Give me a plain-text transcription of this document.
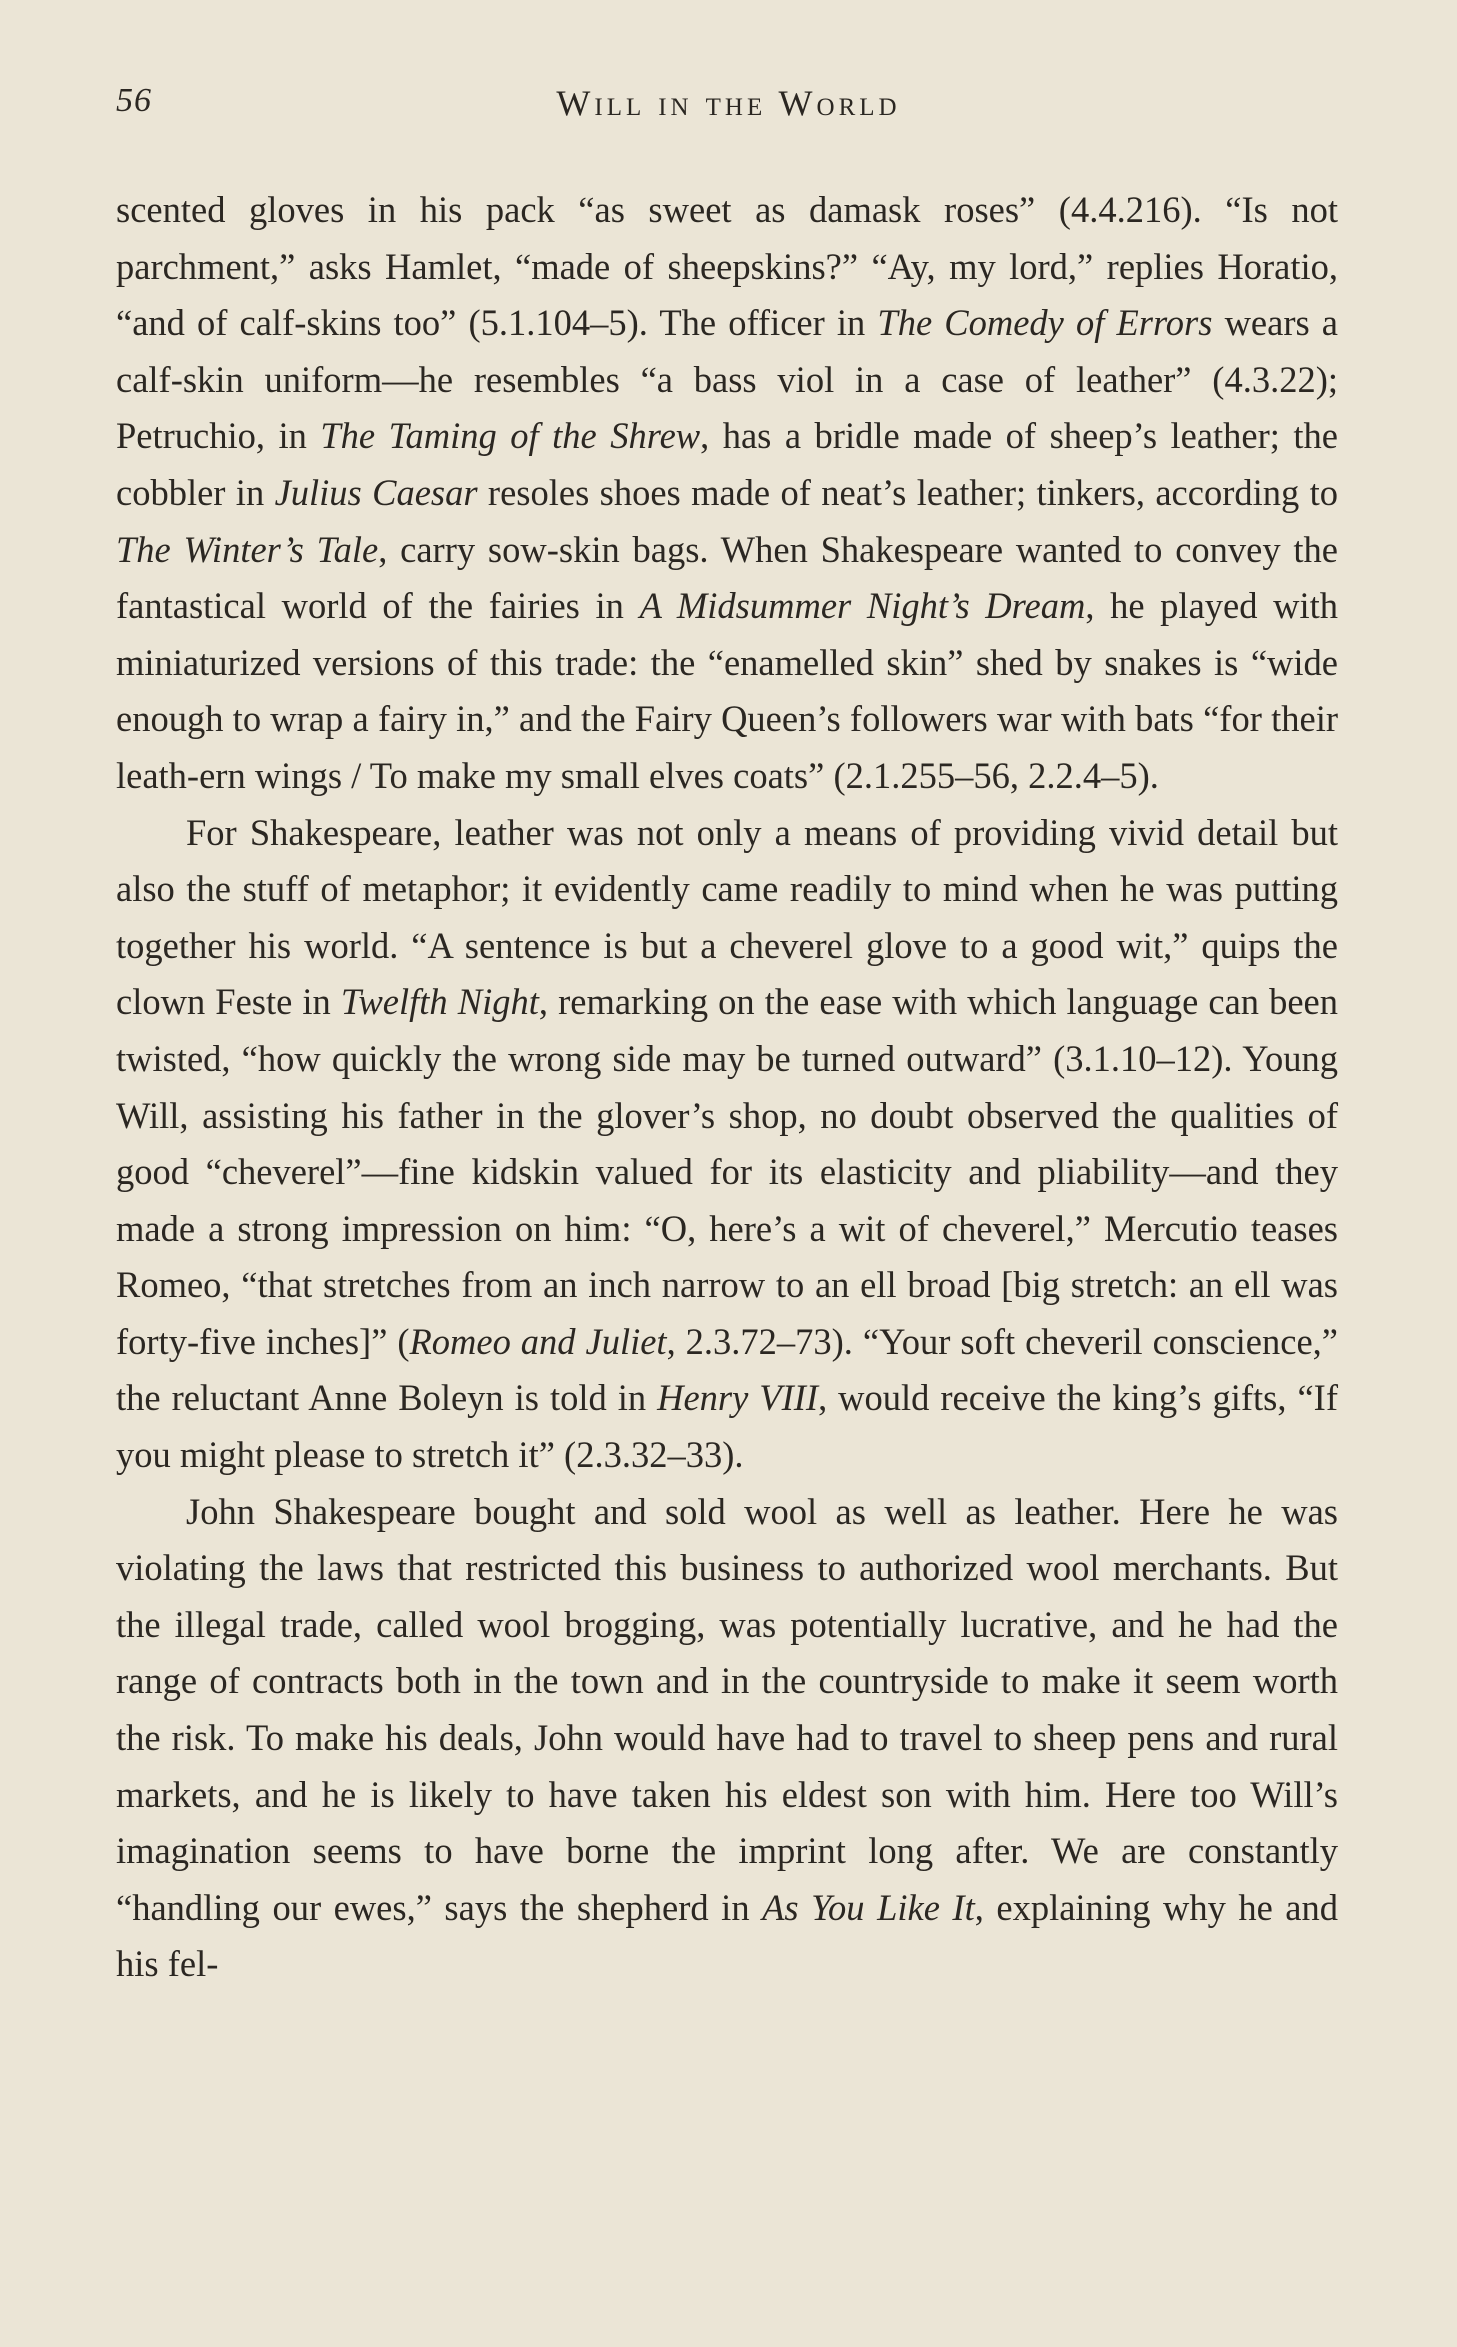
56	Will in the World

scented gloves in his pack “as sweet as damask roses” (4.4.216). “Is not parchment,” asks Hamlet, “made of sheepskins?” “Ay, my lord,” replies Horatio, “and of calf-skins too” (5.1.104–5). The officer in The Comedy of Errors wears a calf-skin uniform—he resembles “a bass viol in a case of leather” (4.3.22); Petruchio, in The Taming of the Shrew, has a bridle made of sheep’s leather; the cobbler in Julius Caesar resoles shoes made of neat’s leather; tinkers, according to The Winter’s Tale, carry sow-skin bags. When Shakespeare wanted to convey the fantastical world of the fairies in A Midsummer Night’s Dream, he played with miniaturized versions of this trade: the “enamelled skin” shed by snakes is “wide enough to wrap a fairy in,” and the Fairy Queen’s followers war with bats “for their leath-ern wings / To make my small elves coats” (2.1.255–56, 2.2.4–5).

For Shakespeare, leather was not only a means of providing vivid detail but also the stuff of metaphor; it evidently came readily to mind when he was putting together his world. “A sentence is but a cheverel glove to a good wit,” quips the clown Feste in Twelfth Night, remarking on the ease with which language can been twisted, “how quickly the wrong side may be turned outward” (3.1.10–12). Young Will, assisting his father in the glover’s shop, no doubt observed the qualities of good “cheverel”—fine kidskin valued for its elasticity and pliability—and they made a strong impression on him: “O, here’s a wit of cheverel,” Mercutio teases Romeo, “that stretches from an inch narrow to an ell broad [big stretch: an ell was forty-five inches]” (Romeo and Juliet, 2.3.72–73). “Your soft cheveril conscience,” the reluctant Anne Boleyn is told in Henry VIII, would receive the king’s gifts, “If you might please to stretch it” (2.3.32–33).

John Shakespeare bought and sold wool as well as leather. Here he was violating the laws that restricted this business to authorized wool merchants. But the illegal trade, called wool brogging, was potentially lucrative, and he had the range of contracts both in the town and in the countryside to make it seem worth the risk. To make his deals, John would have had to travel to sheep pens and rural markets, and he is likely to have taken his eldest son with him. Here too Will’s imagination seems to have borne the imprint long after. We are constantly “handling our ewes,” says the shepherd in As You Like It, explaining why he and his fel-
